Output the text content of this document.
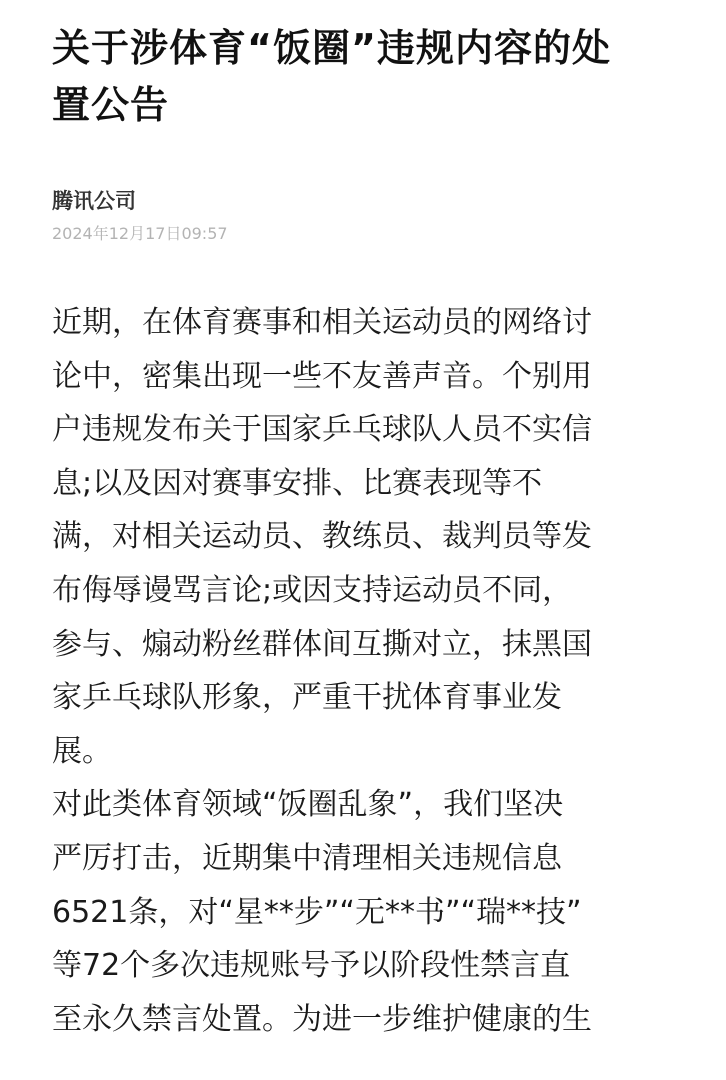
关于涉体育“饭圈”违规内容的处
置公告
腾讯公司
2024年12月17日09:57
近期，在体育赛事和相关运动员的网络讨
论中，密集出现一些不友善声音。个别用
户违规发布关于国家乒乓球队人员不实信
息;以及因对赛事安排、比赛表现等不
满，对相关运动员、教练员、裁判员等发
布侮辱谩骂言论;或因支持运动员不同，
参与、煽动粉丝群体间互撕对立，抹黑国
家乒乓球队形象，严重干扰体育事业发
展。
对此类体育领域“饭圈乱象”，我们坚决
严厉打击，近期集中清理相关违规信息
6521条，对“星**步”“无**书”“瑞**技”
等72个多次违规账号予以阶段性禁言直
至永久禁言处置。为进一步维护健康的生
